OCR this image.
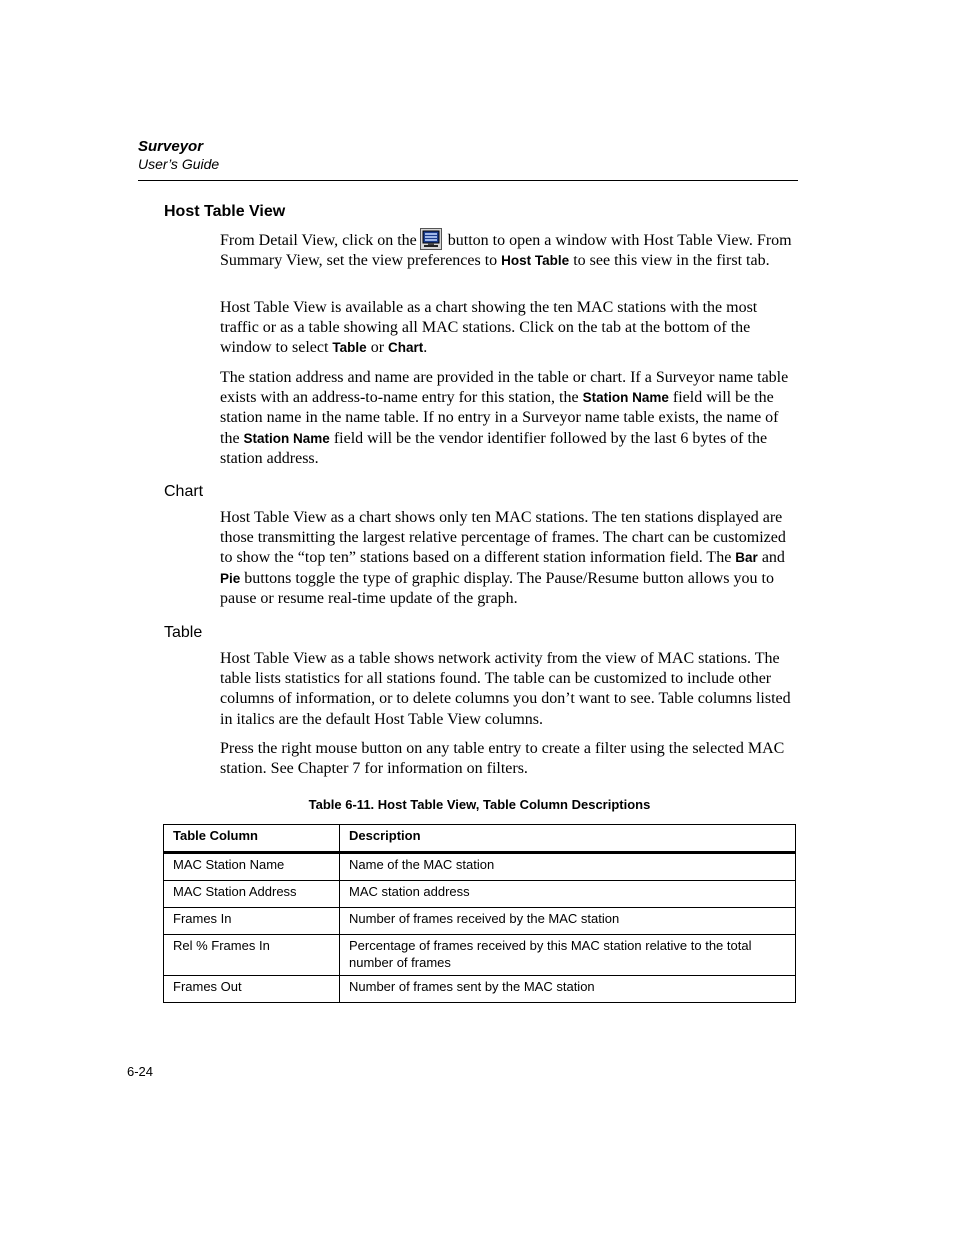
Surveyor
User’s Guide
Host Table View

From Detail View, click on the button to open a window with Host Table View. From Summary View, set the view preferences to Host Table to see this view in the first tab.

Host Table View is available as a chart showing the ten MAC stations with the most traffic or as a table showing all MAC stations. Click on the tab at the bottom of the window to select Table or Chart.

The station address and name are provided in the table or chart. If a Surveyor name table exists with an address-to-name entry for this station, the Station Name field will be the station name in the name table. If no entry in a Surveyor name table exists, the name of the Station Name field will be the vendor identifier followed by the last 6 bytes of the station address.

Chart

Host Table View as a chart shows only ten MAC stations. The ten stations displayed are those transmitting the largest relative percentage of frames. The chart can be customized to show the “top ten” stations based on a different station information field. The Bar and Pie buttons toggle the type of graphic display. The Pause/Resume button allows you to pause or resume real-time update of the graph.

Table

Host Table View as a table shows network activity from the view of MAC stations. The table lists statistics for all stations found. The table can be customized to include other columns of information, or to delete columns you don’t want to see. Table columns listed in italics are the default Host Table View columns.

Press the right mouse button on any table entry to create a filter using the selected MAC station. See Chapter 7 for information on filters.

Table 6-11. Host Table View, Table Column Descriptions
Table Column	Description
MAC Station Name	Name of the MAC station
MAC Station Address	MAC station address
Frames In	Number of frames received by the MAC station
Rel % Frames In	Percentage of frames received by this MAC station relative to the total number of frames
Frames Out	Number of frames sent by the MAC station
6-24
